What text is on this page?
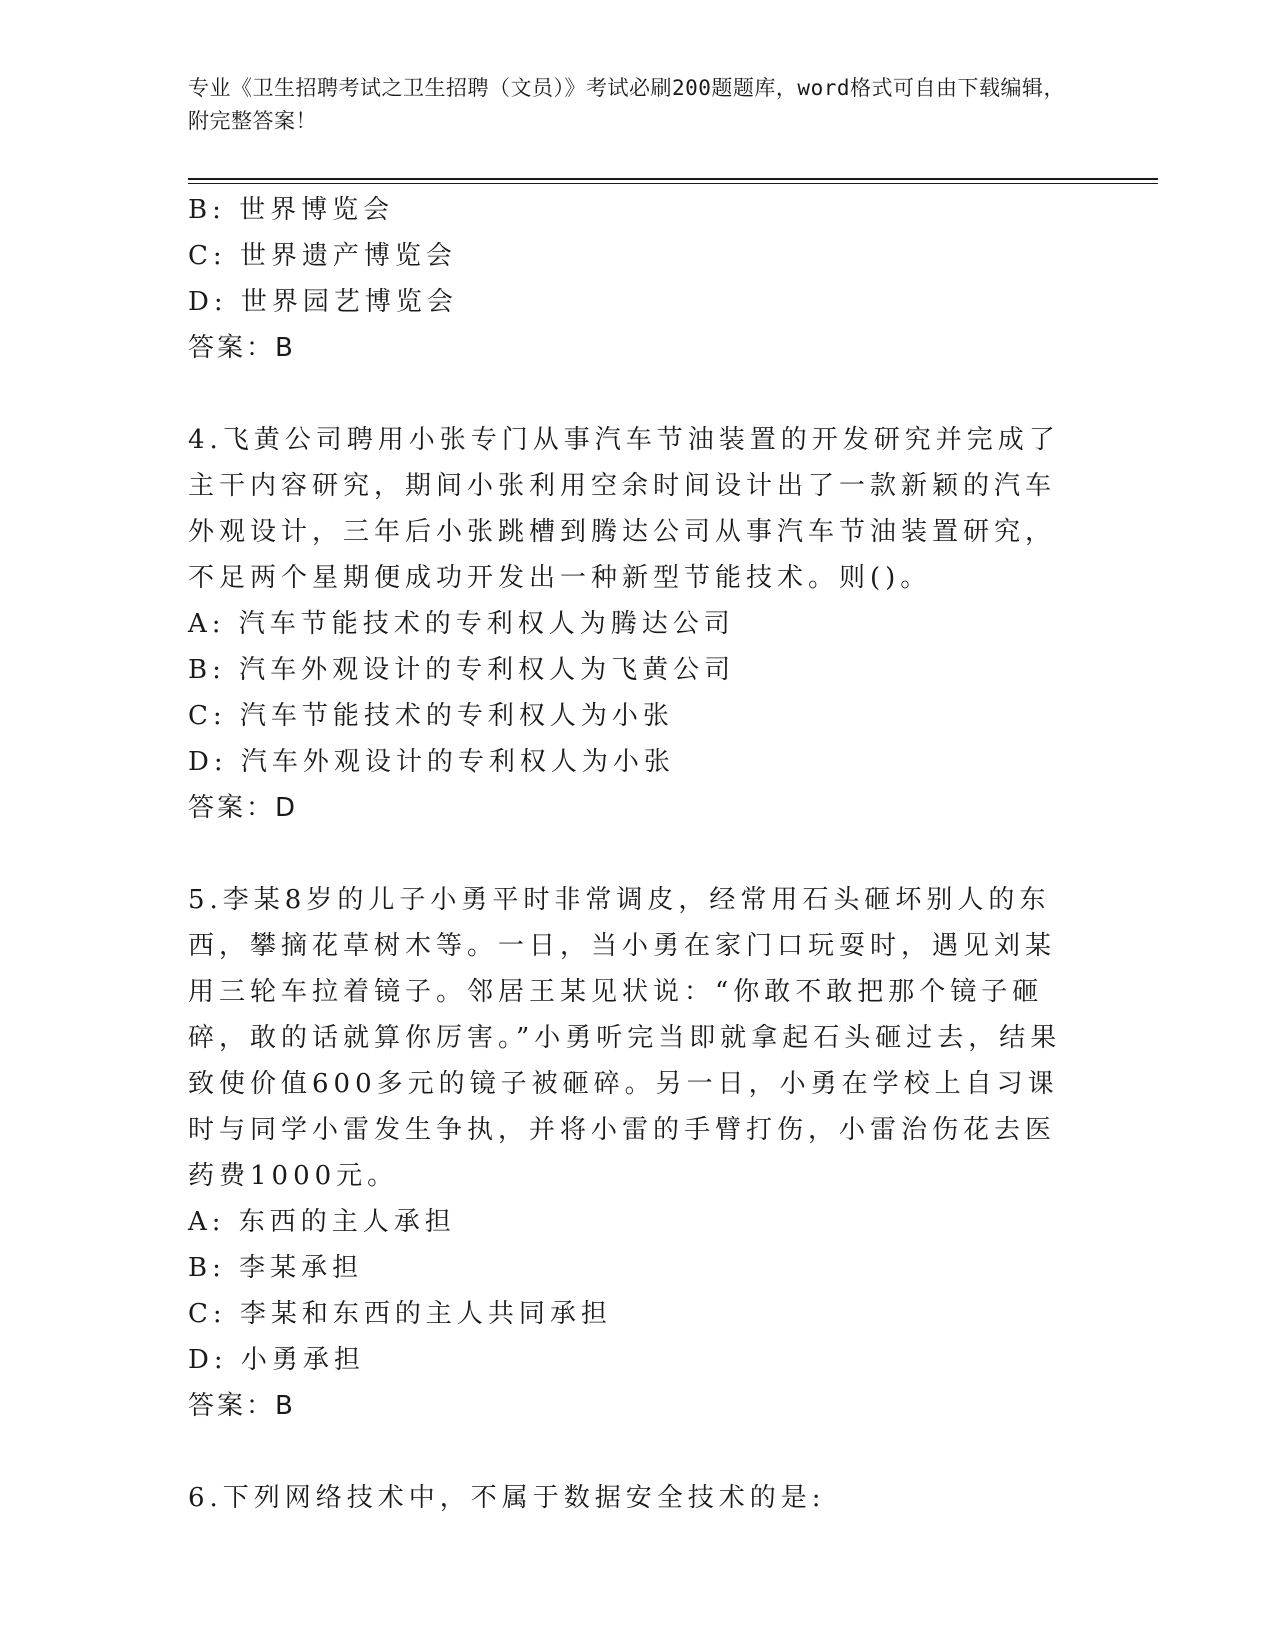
专业《卫生招聘考试之卫生招聘（文员）》考试必刷200题题库，word格式可自由下载编辑，附完整答案！
B: 世界博览会
C: 世界遗产博览会
D: 世界园艺博览会
答案：B
4.飞黄公司聘用小张专门从事汽车节油装置的开发研究并完成了主干内容研究，期间小张利用空余时间设计出了一款新颖的汽车外观设计，三年后小张跳槽到腾达公司从事汽车节油装置研究，不足两个星期便成功开发出一种新型节能技术。则()。
A: 汽车节能技术的专利权人为腾达公司
B: 汽车外观设计的专利权人为飞黄公司
C: 汽车节能技术的专利权人为小张
D: 汽车外观设计的专利权人为小张
答案：D
5.李某8岁的儿子小勇平时非常调皮，经常用石头砸坏别人的东西，攀摘花草树木等。一日，当小勇在家门口玩耍时，遇见刘某用三轮车拉着镜子。邻居王某见状说：“你敢不敢把那个镜子砸碎，敢的话就算你厉害。”小勇听完当即就拿起石头砸过去，结果致使价值600多元的镜子被砸碎。另一日，小勇在学校上自习课时与同学小雷发生争执，并将小雷的手臂打伤，小雷治伤花去医药费1000元。
A: 东西的主人承担
B: 李某承担
C: 李某和东西的主人共同承担
D: 小勇承担
答案：B
6.下列网络技术中，不属于数据安全技术的是:
